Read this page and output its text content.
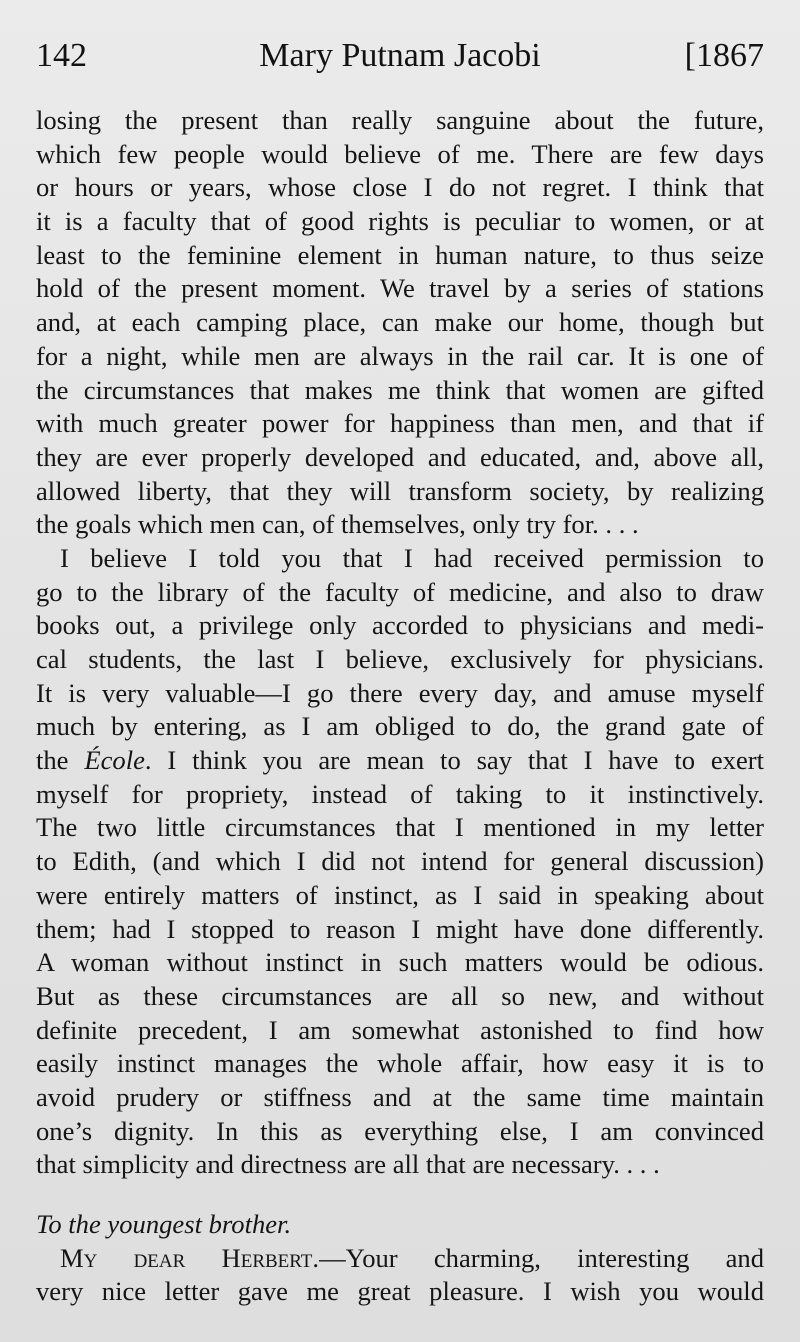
142	Mary Putnam Jacobi	[1867
losing the present than really sanguine about the future,
which few people would believe of me. There are few days
or hours or years, whose close I do not regret. I think that
it is a faculty that of good rights is peculiar to women, or at
least to the feminine element in human nature, to thus seize
hold of the present moment. We travel by a series of stations
and, at each camping place, can make our home, though but
for a night, while men are always in the rail car. It is one of
the circumstances that makes me think that women are gifted
with much greater power for happiness than men, and that if
they are ever properly developed and educated, and, above all,
allowed liberty, that they will transform society, by realizing
the goals which men can, of themselves, only try for. . . .
I believe I told you that I had received permission to
go to the library of the faculty of medicine, and also to draw
books out, a privilege only accorded to physicians and medi-
cal students, the last I believe, exclusively for physicians.
It is very valuable—I go there every day, and amuse myself
much by entering, as I am obliged to do, the grand gate of
the École. I think you are mean to say that I have to exert
myself for propriety, instead of taking to it instinctively.
The two little circumstances that I mentioned in my letter
to Edith, (and which I did not intend for general discussion)
were entirely matters of instinct, as I said in speaking about
them; had I stopped to reason I might have done differently.
A woman without instinct in such matters would be odious.
But as these circumstances are all so new, and without
definite precedent, I am somewhat astonished to find how
easily instinct manages the whole affair, how easy it is to
avoid prudery or stiffness and at the same time maintain
one’s dignity. In this as everything else, I am convinced
that simplicity and directness are all that are necessary. . . .
To the youngest brother.
My dear Herbert.—Your charming, interesting and
very nice letter gave me great pleasure. I wish you would
